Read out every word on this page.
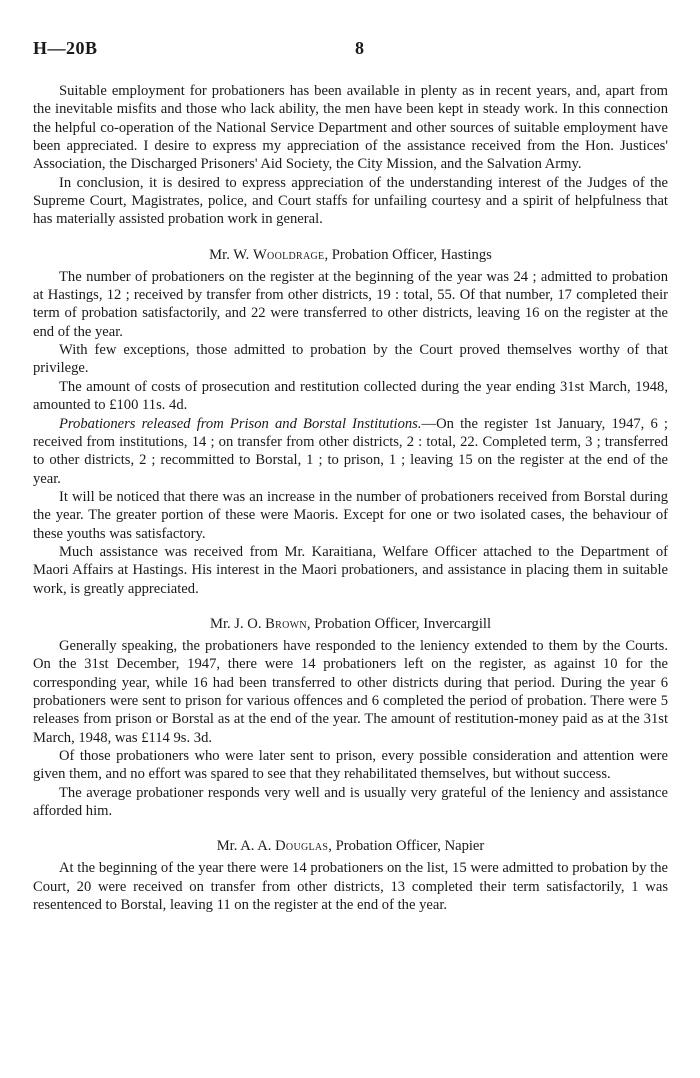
H—20B	8

Suitable employment for probationers has been available in plenty as in recent years, and, apart from the inevitable misfits and those who lack ability, the men have been kept in steady work. In this connection the helpful co-operation of the National Service Department and other sources of suitable employment have been appreciated. I desire to express my appreciation of the assistance received from the Hon. Justices' Association, the Discharged Prisoners' Aid Society, the City Mission, and the Salvation Army.

In conclusion, it is desired to express appreciation of the understanding interest of the Judges of the Supreme Court, Magistrates, police, and Court staffs for unfailing courtesy and a spirit of helpfulness that has materially assisted probation work in general.

Mr. W. Wooldrage, Probation Officer, Hastings

The number of probationers on the register at the beginning of the year was 24 ; admitted to probation at Hastings, 12 ; received by transfer from other districts, 19 : total, 55. Of that number, 17 completed their term of probation satisfactorily, and 22 were transferred to other districts, leaving 16 on the register at the end of the year.

With few exceptions, those admitted to probation by the Court proved themselves worthy of that privilege.

The amount of costs of prosecution and restitution collected during the year ending 31st March, 1948, amounted to £100 11s. 4d.

Probationers released from Prison and Borstal Institutions.—On the register 1st January, 1947, 6 ; received from institutions, 14 ; on transfer from other districts, 2 : total, 22. Completed term, 3 ; transferred to other districts, 2 ; recommitted to Borstal, 1 ; to prison, 1 ; leaving 15 on the register at the end of the year.

It will be noticed that there was an increase in the number of probationers received from Borstal during the year. The greater portion of these were Maoris. Except for one or two isolated cases, the behaviour of these youths was satisfactory.

Much assistance was received from Mr. Karaitiana, Welfare Officer attached to the Department of Maori Affairs at Hastings. His interest in the Maori probationers, and assistance in placing them in suitable work, is greatly appreciated.

Mr. J. O. Brown, Probation Officer, Invercargill

Generally speaking, the probationers have responded to the leniency extended to them by the Courts. On the 31st December, 1947, there were 14 probationers left on the register, as against 10 for the corresponding year, while 16 had been transferred to other districts during that period. During the year 6 probationers were sent to prison for various offences and 6 completed the period of probation. There were 5 releases from prison or Borstal as at the end of the year. The amount of restitution-money paid as at the 31st March, 1948, was £114 9s. 3d.

Of those probationers who were later sent to prison, every possible consideration and attention were given them, and no effort was spared to see that they rehabilitated themselves, but without success.

The average probationer responds very well and is usually very grateful of the leniency and assistance afforded him.

Mr. A. A. Douglas, Probation Officer, Napier

At the beginning of the year there were 14 probationers on the list, 15 were admitted to probation by the Court, 20 were received on transfer from other districts, 13 completed their term satisfactorily, 1 was resentenced to Borstal, leaving 11 on the register at the end of the year.
